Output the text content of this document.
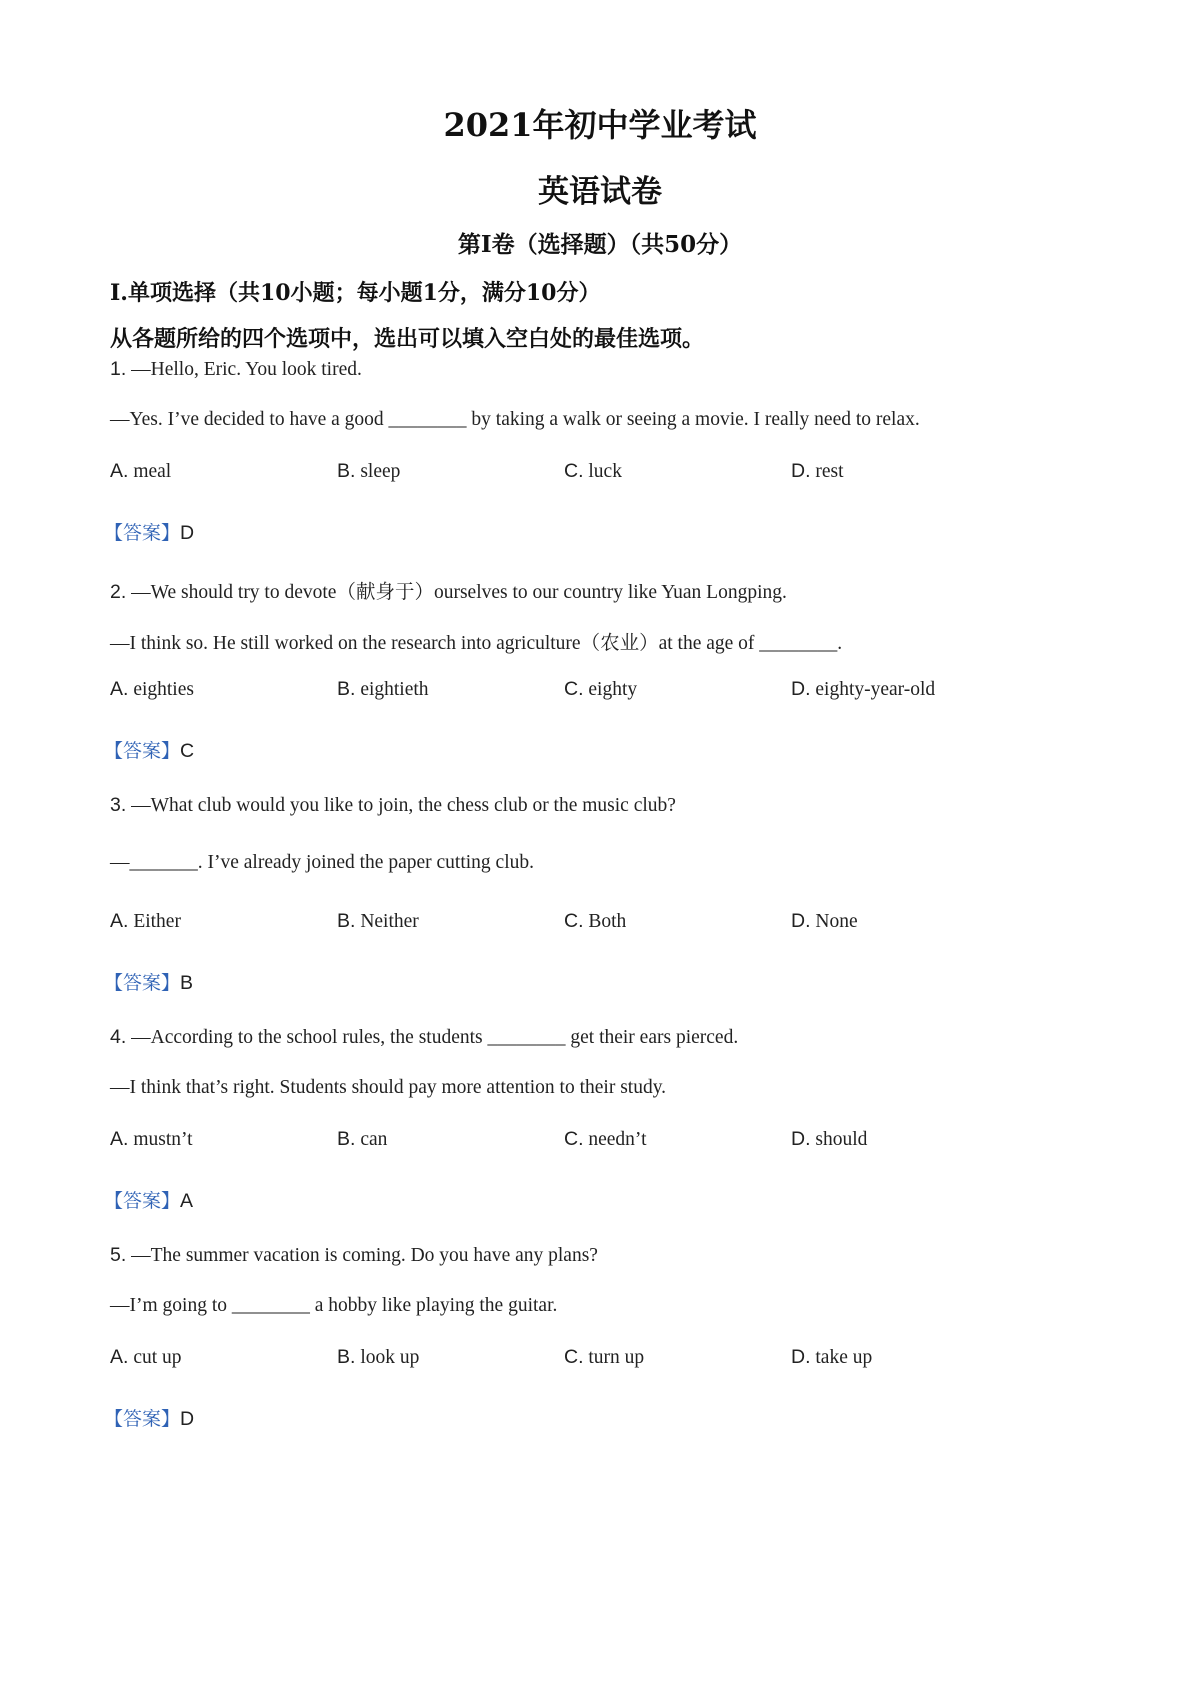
2021年初中学业考试
英语试卷
第Ⅰ卷（选择题）（共50分）
Ⅰ.单项选择（共10小题；每小题1分，满分10分）
从各题所给的四个选项中，选出可以填入空白处的最佳选项。
1. —Hello, Eric. You look tired.
—Yes. I’ve decided to have a good ________ by taking a walk or seeing a movie. I really need to relax.
A. meal	B. sleep	C. luck	D. rest
【答案】D
2. —We should try to devote（献身于）ourselves to our country like Yuan Longping.
—I think so. He still worked on the research into agriculture（农业）at the age of ________.
A. eighties	B. eightieth	C. eighty	D. eighty-year-old
【答案】C
3. —What club would you like to join, the chess club or the music club?
—_______. I’ve already joined the paper cutting club.
A. Either	B. Neither	C. Both	D. None
【答案】B
4. —According to the school rules, the students ________ get their ears pierced.
—I think that’s right. Students should pay more attention to their study.
A. mustn’t	B. can	C. needn’t	D. should
【答案】A
5. —The summer vacation is coming. Do you have any plans?
—I’m going to ________ a hobby like playing the guitar.
A. cut up	B. look up	C. turn up	D. take up
【答案】D
